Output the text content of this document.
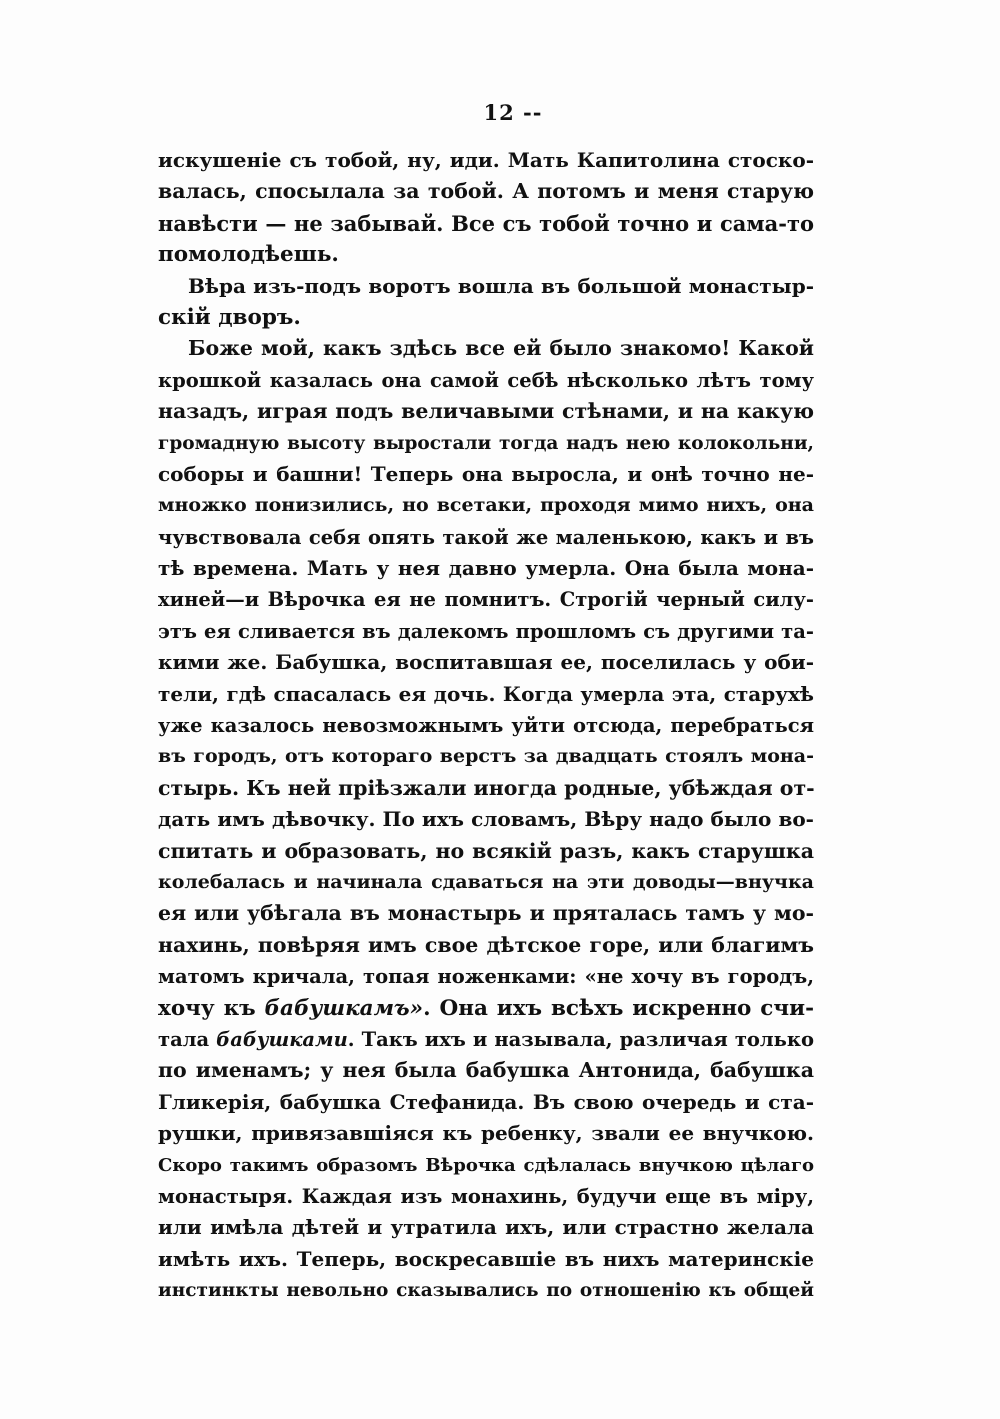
12 --
искушеніе съ тобой, ну, иди. Мать Капитолина стоско-
валась, спосылала за тобой. А потомъ и меня старую
навѣсти — не забывай. Все съ тобой точно и сама-то
помолодѣешь.
Вѣра изъ-подъ воротъ вошла въ большой монастыр-
скій дворъ.
Боже мой, какъ здѣсь все ей было знакомо! Какой
крошкой казалась она самой себѣ нѣсколько лѣтъ тому
назадъ, играя подъ величавыми стѣнами, и на какую
громадную высоту выростали тогда надъ нею колокольни,
соборы и башни! Теперь она выросла, и онѣ точно не-
множко понизились, но всетаки, проходя мимо нихъ, она
чувствовала себя опять такой же маленькою, какъ и въ
тѣ времена. Мать у нея давно умерла. Она была мона-
хиней—и Вѣрочка ея не помнитъ. Строгій черный силу-
этъ ея сливается въ далекомъ прошломъ съ другими та-
кими же. Бабушка, воспитавшая ее, поселилась у оби-
тели, гдѣ спасалась ея дочь. Когда умерла эта, старухѣ
уже казалось невозможнымъ уйти отсюда, перебраться
въ городъ, отъ котораго верстъ за двадцать стоялъ мона-
стырь. Къ ней пріѣзжали иногда родные, убѣждая от-
дать имъ дѣвочку. По ихъ словамъ, Вѣру надо было во-
спитать и образовать, но всякій разъ, какъ старушка
колебалась и начинала сдаваться на эти доводы—внучка
ея или убѣгала въ монастырь и пряталась тамъ у мо-
нахинь, повѣряя имъ свое дѣтское горе, или благимъ
матомъ кричала, топая ноженками: «не хочу въ городъ,
хочу къ бабушкамъ». Она ихъ всѣхъ искренно счи-
тала бабушками. Такъ ихъ и называла, различая только
по именамъ; у нея была бабушка Антонида, бабушка
Гликерія, бабушка Стефанида. Въ свою очередь и ста-
рушки, привязавшіяся къ ребенку, звали ее внучкою.
Скоро такимъ образомъ Вѣрочка сдѣлалась внучкою цѣлаго
монастыря. Каждая изъ монахинь, будучи еще въ міру,
или имѣла дѣтей и утратила ихъ, или страстно желала
имѣть ихъ. Теперь, воскресавшіе въ нихъ материнскіе
инстинкты невольно сказывались по отношенію къ общей
